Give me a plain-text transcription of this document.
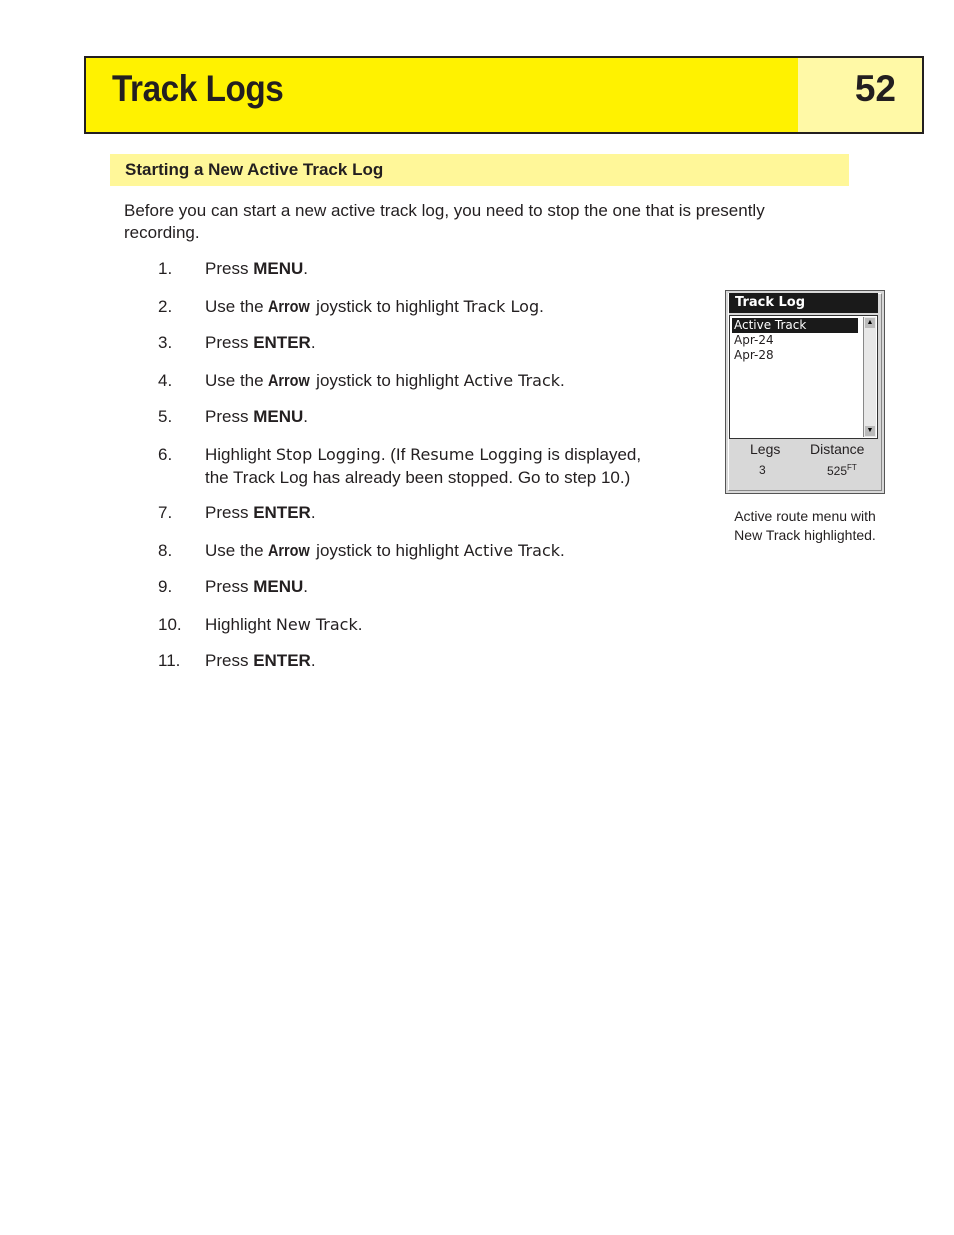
Track Logs	52
Starting a New Active Track Log
Before you can start a new active track log, you need to stop the one that is presently recording.
1.	Press MENU.
2.	Use the Arrow joystick to highlight Track Log.
3.	Press ENTER.
4.	Use the Arrow joystick to highlight Active Track.
5.	Press MENU.
6.	Highlight Stop Logging. (If Resume Logging is displayed,
the Track Log has already been stopped. Go to step 10.)
7.	Press ENTER.
8.	Use the Arrow joystick to highlight Active Track.
9.	Press MENU.
10.	Highlight New Track.
11.	Press ENTER.
Track Log
Active Track
Apr-24
Apr-28
▲
▼
Legs Distance
3	$525^{FT}$
Active route menu with
New Track highlighted.
